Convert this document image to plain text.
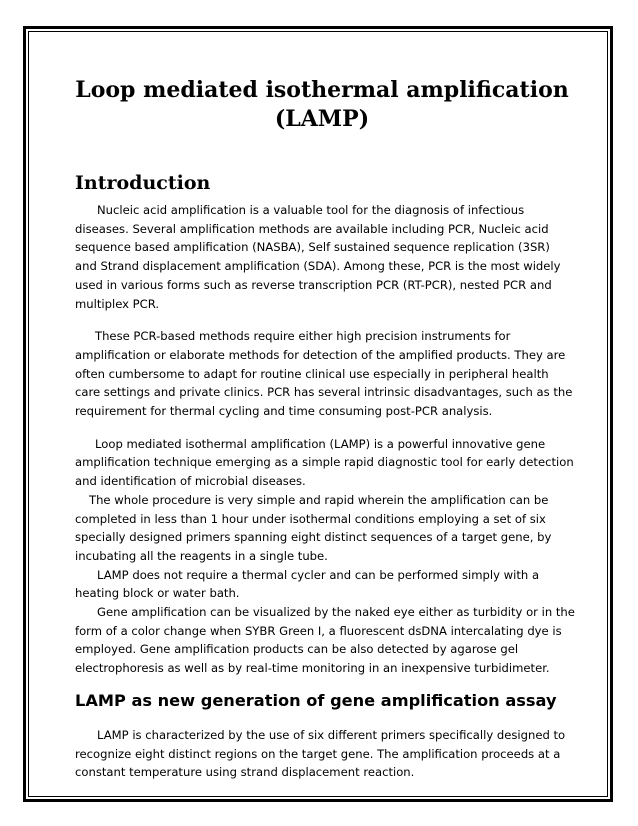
Loop mediated isothermal amplification
(LAMP)
Introduction

Nucleic acid amplification is a valuable tool for the diagnosis of infectious diseases. Several amplification methods are available including PCR, Nucleic acid sequence based amplification (NASBA), Self sustained sequence replication (3SR) and Strand displacement amplification (SDA). Among these, PCR is the most widely used in various forms such as reverse transcription PCR (RT-PCR), nested PCR and multiplex PCR.

These PCR-based methods require either high precision instruments for amplification or elaborate methods for detection of the amplified products. They are often cumbersome to adapt for routine clinical use especially in peripheral health care settings and private clinics. PCR has several intrinsic disadvantages, such as the requirement for thermal cycling and time consuming post-PCR analysis.

Loop mediated isothermal amplification (LAMP) is a powerful innovative gene amplification technique emerging as a simple rapid diagnostic tool for early detection and identification of microbial diseases.

The whole procedure is very simple and rapid wherein the amplification can be completed in less than 1 hour under isothermal conditions employing a set of six specially designed primers spanning eight distinct sequences of a target gene, by incubating all the reagents in a single tube.

LAMP does not require a thermal cycler and can be performed simply with a heating block or water bath.

Gene amplification can be visualized by the naked eye either as turbidity or in the form of a color change when SYBR Green I, a fluorescent dsDNA intercalating dye is employed. Gene amplification products can be also detected by agarose gel electrophoresis as well as by real-time monitoring in an inexpensive turbidimeter.

LAMP as new generation of gene amplification assay

LAMP is characterized by the use of six different primers specifically designed to recognize eight distinct regions on the target gene. The amplification proceeds at a constant temperature using strand displacement reaction.
